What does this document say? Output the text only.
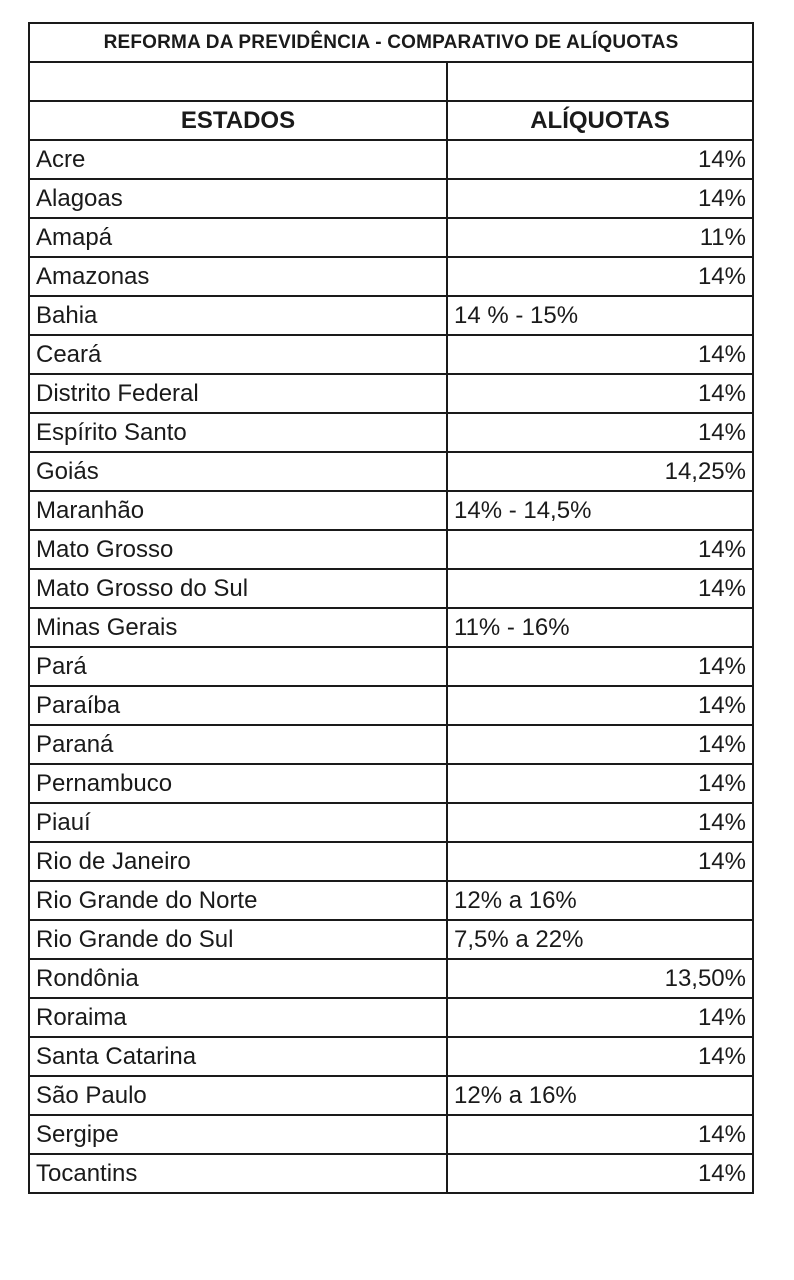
REFORMA DA PREVIDÊNCIA - COMPARATIVO DE ALÍQUOTAS	

ESTADOS	ALÍQUOTAS
Acre	14%
Alagoas	14%
Amapá	11%
Amazonas	14%
Bahia	14 % - 15%
Ceará	14%
Distrito Federal	14%
Espírito Santo	14%
Goiás	14,25%
Maranhão	14% - 14,5%
Mato Grosso	14%
Mato Grosso do Sul	14%
Minas Gerais	11% - 16%
Pará	14%
Paraíba	14%
Paraná	14%
Pernambuco	14%
Piauí	14%
Rio de Janeiro	14%
Rio Grande do Norte	12% a 16%
Rio Grande do Sul	7,5% a 22%
Rondônia	13,50%
Roraima	14%
Santa Catarina	14%
São Paulo	12% a 16%
Sergipe	14%
Tocantins	14%
